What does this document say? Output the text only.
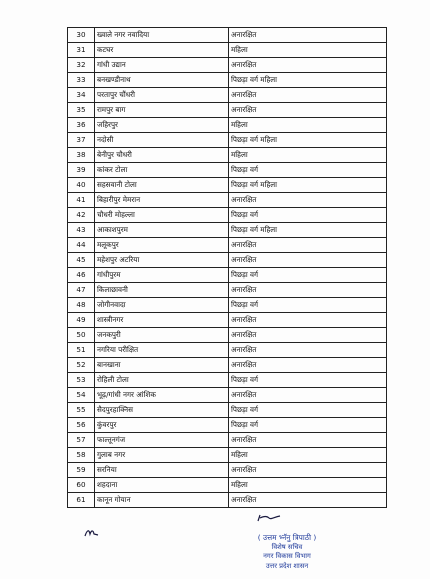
30	ख्वाले नगर नवादिया	अनारक्षित
31	कटघर	महिला
32	गांधी उद्यान	अनारक्षित
33	बनखण्डीनाथ	पिछड़ा वर्ग महिला
34	परतापुर चौंधरी	अनारक्षित
35	रामपुर बाग	अनारक्षित
36	जहिरपुर	महिला
37	नदोसी	पिछड़ा वर्ग महिला
38	बेनीपुर चौधरी	महिला
39	कांकर टोला	पिछड़ा वर्ग
40	सहसवानी टोला	पिछड़ा वर्ग महिला
41	बिहारीपुर मेमरान	अनारक्षित
42	चौधरी मोहल्ला	पिछड़ा वर्ग
43	आकाशपुरम	पिछड़ा वर्ग महिला
44	मलूकपुर	अनारक्षित
45	महेशपुर अटरिया	अनारक्षित
46	गांधीपुरम	पिछड़ा वर्ग
47	किलाछावनी	अनारक्षित
48	जोगीनवादा	पिछड़ा वर्ग
49	शास्त्रीनगर	अनारक्षित
50	जनकपुरी	अनारक्षित
51	नगरिया परीक्षित	अनारक्षित
52	बानखाना	अनारक्षित
53	रोहिली टोला	पिछड़ा वर्ग
54	भूढ़/गांधी नगर आंशिक	अनारक्षित
55	सैदपुरहाक्निस	पिछड़ा वर्ग
56	कुंवरपुर	पिछड़ा वर्ग
57	फाल्तूनगंज	अनारक्षित
58	गुलाब नगर	महिला
59	सरनिया	अनारक्षित
60	शहदाना	महिला
61	कानून गोयान	अनारक्षित
( उत्तम भ्नॅनु त्रिपाठी )
विशेष सचिव
नगर विकास विभाग
उत्तर प्रदेश शासन
